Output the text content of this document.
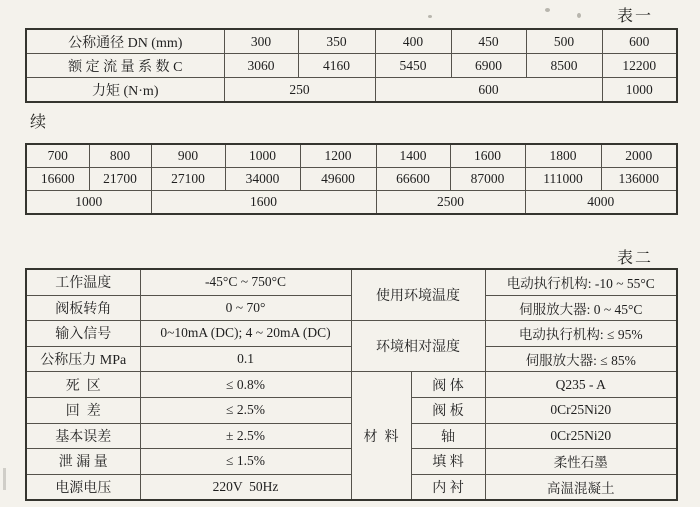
表一
公称通径 DN (mm)	300	350	400	450	500	600
额 定 流 量 系 数 C	3060	4160	5450	6900	8500	12200
力矩 (N·m)	250		600			1000
续
700	800	900	1000	1200	1400	1600	1800	2000
16600	21700	27100	34000	49600	66600	87000	111000	136000
1000		1600			2500		4000	
表二
工作温度	-45°C ~ 750°C	使用环境温度		电动执行机构: -10 ~ 55°C
阀板转角	0 ~ 70°			伺服放大器: 0 ~ 45°C
输入信号	0~10mA (DC); 4 ~ 20mA (DC)	环境相对湿度		电动执行机构: ≤ 95%
公称压力 MPa	0.1			伺服放大器: ≤ 85%
死  区	≤ 0.8%	材  料	阀 体	Q235 - A
回  差	≤ 2.5%		阀 板	0Cr25Ni20
基本误差	± 2.5%		轴	0Cr25Ni20
泄 漏 量	≤ 1.5%		填 料	柔性石墨
电源电压	220V  50Hz		内 衬	高温混凝土
